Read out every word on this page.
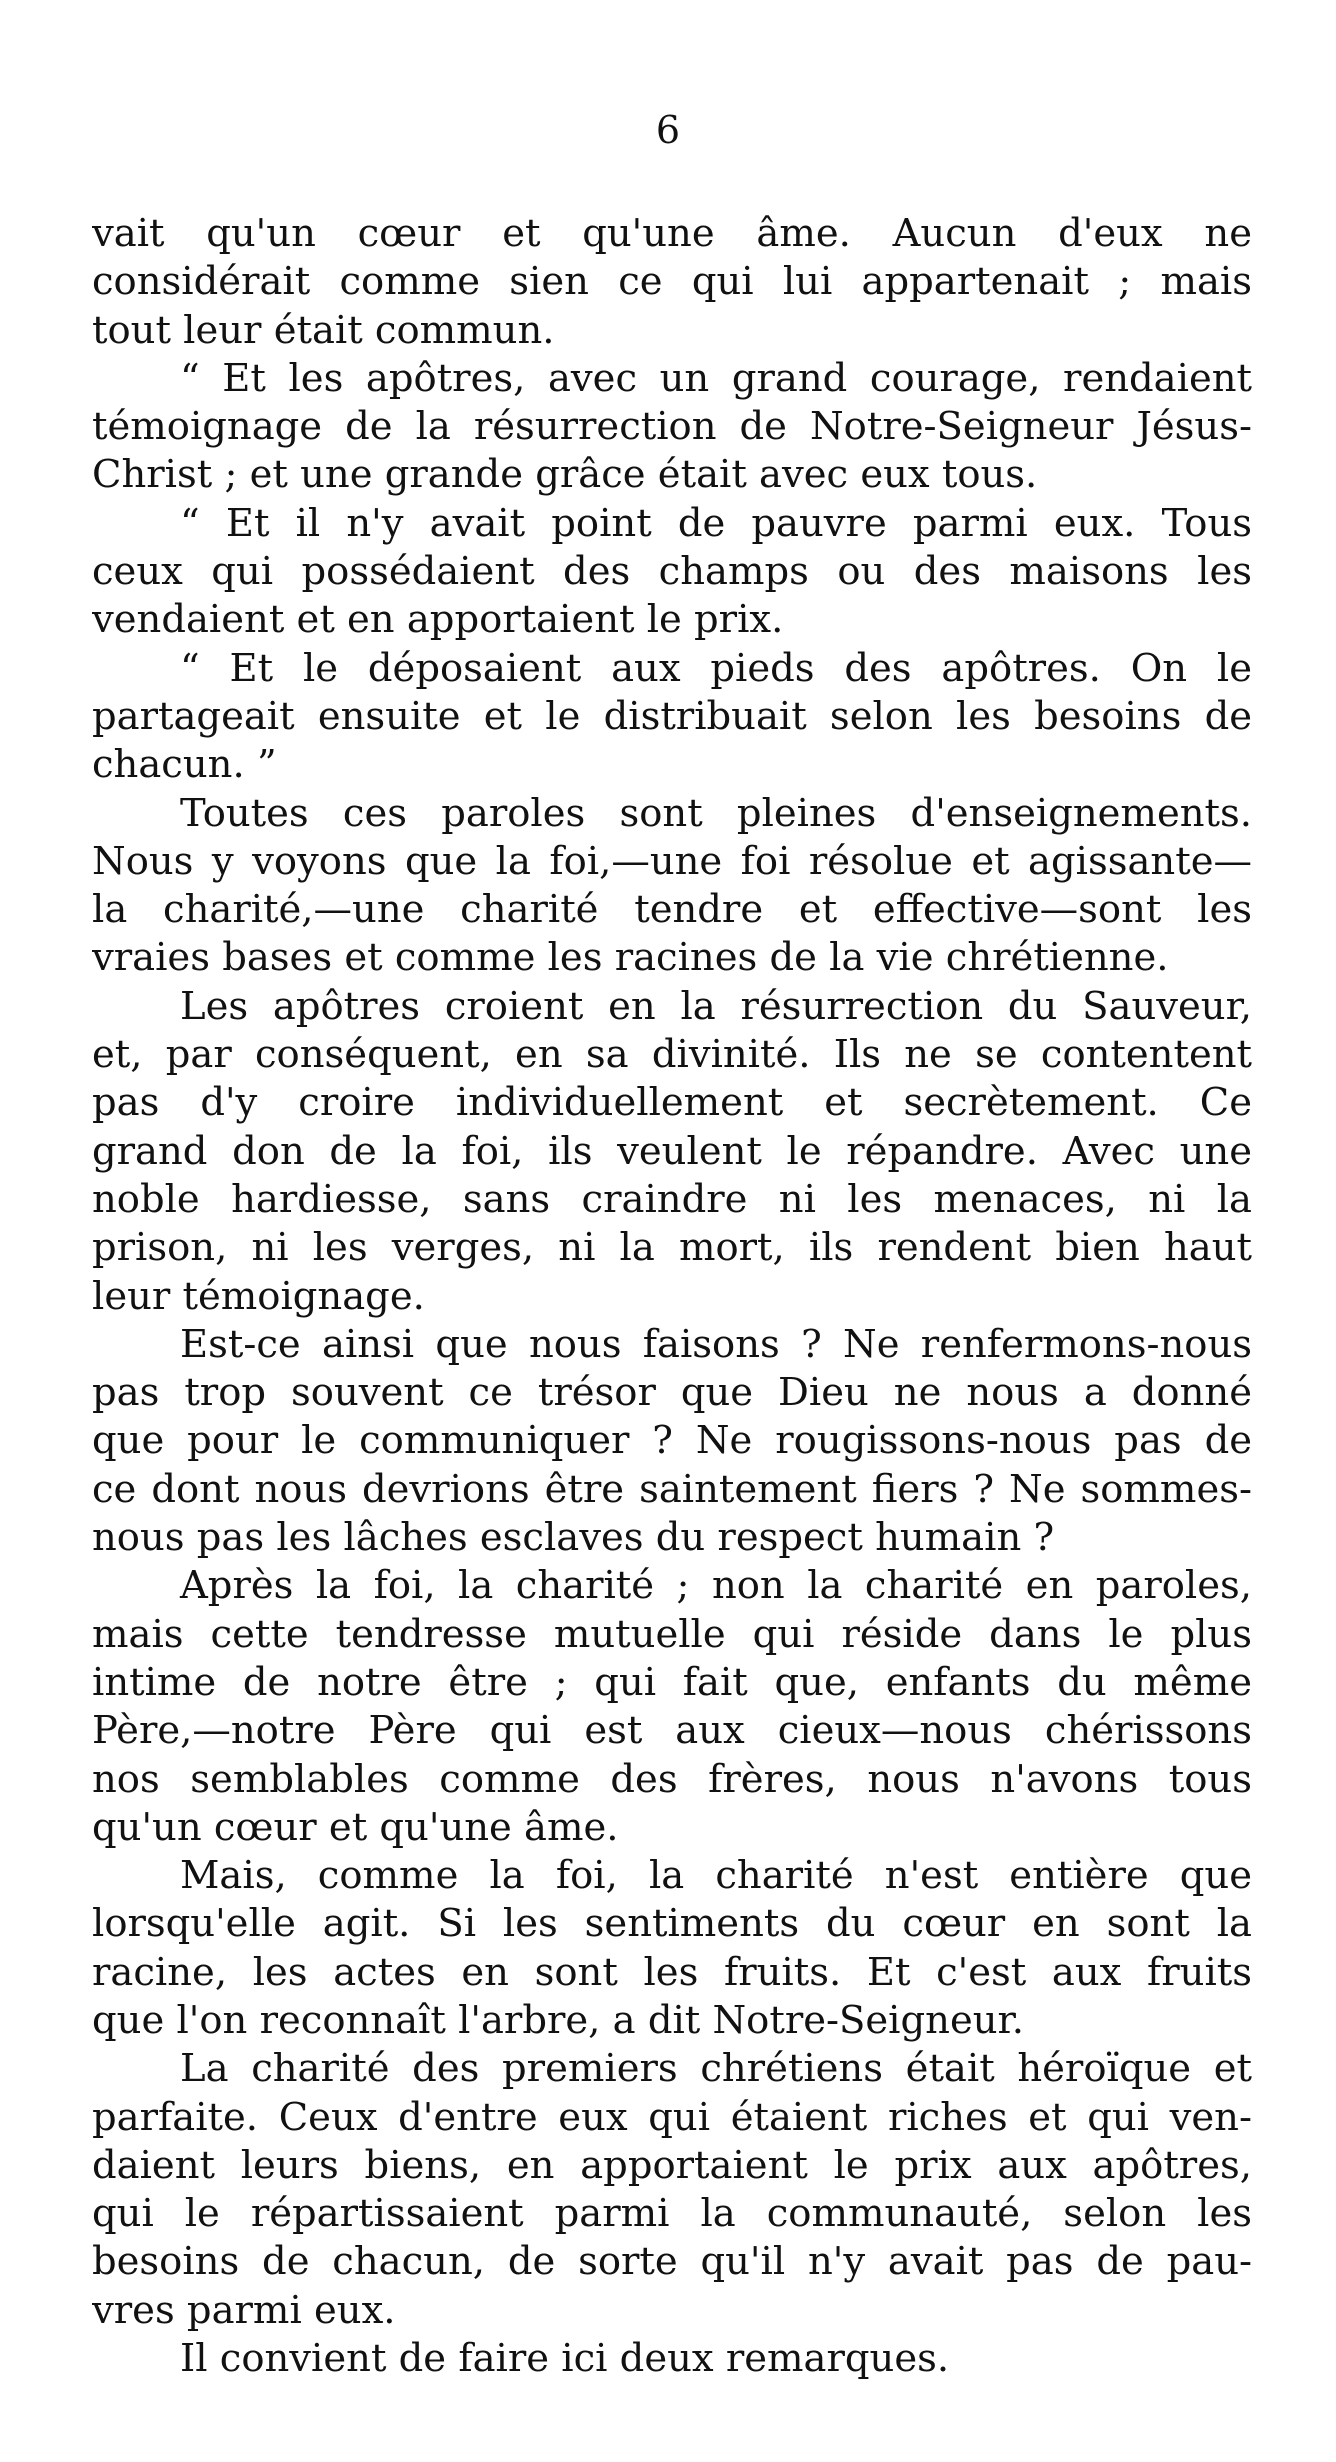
6
vait qu'un cœur et qu'une âme. Aucun d'eux ne
considérait comme sien ce qui lui appartenait ; mais
tout leur était commun.
“ Et les apôtres, avec un grand courage, rendaient
témoignage de la résurrection de Notre-Seigneur Jésus-
Christ ; et une grande grâce était avec eux tous.
“ Et il n'y avait point de pauvre parmi eux. Tous
ceux qui possédaient des champs ou des maisons les
vendaient et en apportaient le prix.
“ Et le déposaient aux pieds des apôtres. On le
partageait ensuite et le distribuait selon les besoins de
chacun. ”
Toutes ces paroles sont pleines d'enseignements.
Nous y voyons que la foi,—une foi résolue et agissante—
la charité,—une charité tendre et effective—sont les
vraies bases et comme les racines de la vie chrétienne.
Les apôtres croient en la résurrection du Sauveur,
et, par conséquent, en sa divinité. Ils ne se contentent
pas d'y croire individuellement et secrètement. Ce
grand don de la foi, ils veulent le répandre. Avec une
noble hardiesse, sans craindre ni les menaces, ni la
prison, ni les verges, ni la mort, ils rendent bien haut
leur témoignage.
Est-ce ainsi que nous faisons ? Ne renfermons-nous
pas trop souvent ce trésor que Dieu ne nous a donné
que pour le communiquer ? Ne rougissons-nous pas de
ce dont nous devrions être saintement fiers ? Ne sommes-
nous pas les lâches esclaves du respect humain ?
Après la foi, la charité ; non la charité en paroles,
mais cette tendresse mutuelle qui réside dans le plus
intime de notre être ; qui fait que, enfants du même
Père,—notre Père qui est aux cieux—nous chérissons
nos semblables comme des frères, nous n'avons tous
qu'un cœur et qu'une âme.
Mais, comme la foi, la charité n'est entière que
lorsqu'elle agit. Si les sentiments du cœur en sont la
racine, les actes en sont les fruits. Et c'est aux fruits
que l'on reconnaît l'arbre, a dit Notre-Seigneur.
La charité des premiers chrétiens était héroïque et
parfaite. Ceux d'entre eux qui étaient riches et qui ven-
daient leurs biens, en apportaient le prix aux apôtres,
qui le répartissaient parmi la communauté, selon les
besoins de chacun, de sorte qu'il n'y avait pas de pau-
vres parmi eux.
Il convient de faire ici deux remarques.
